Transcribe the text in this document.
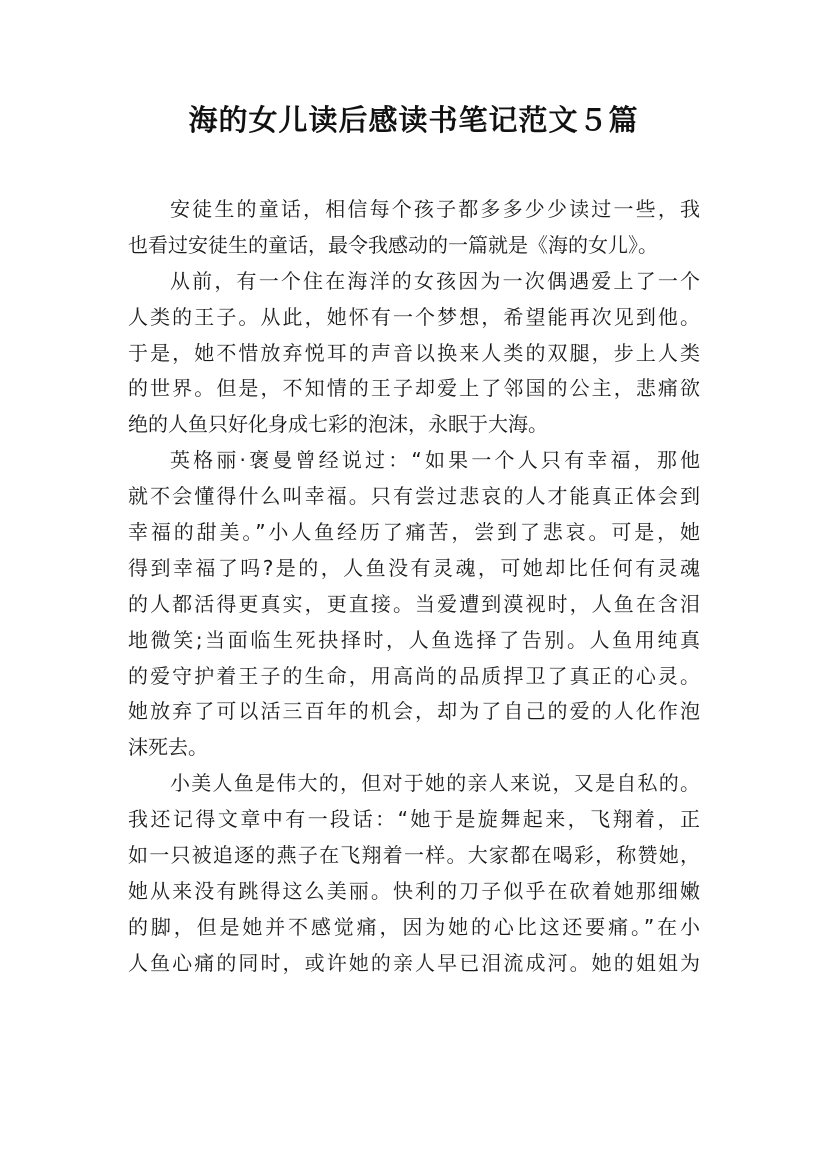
海的女儿读后感读书笔记范文５篇
安徒生的童话，相信每个孩子都多多少少读过一些，我
也看过安徒生的童话，最令我感动的一篇就是《海的女儿》。
从前，有一个住在海洋的女孩因为一次偶遇爱上了一个
人类的王子。从此，她怀有一个梦想，希望能再次见到他。
于是，她不惜放弃悦耳的声音以换来人类的双腿，步上人类
的世界。但是，不知情的王子却爱上了邻国的公主，悲痛欲
绝的人鱼只好化身成七彩的泡沫，永眠于大海。
英格丽·褒曼曾经说过：“如果一个人只有幸福，那他
就不会懂得什么叫幸福。只有尝过悲哀的人才能真正体会到
幸福的甜美。”小人鱼经历了痛苦，尝到了悲哀。可是，她
得到幸福了吗?是的，人鱼没有灵魂，可她却比任何有灵魂
的人都活得更真实，更直接。当爱遭到漠视时，人鱼在含泪
地微笑;当面临生死抉择时，人鱼选择了告别。人鱼用纯真
的爱守护着王子的生命，用高尚的品质捍卫了真正的心灵。
她放弃了可以活三百年的机会，却为了自己的爱的人化作泡
沫死去。
小美人鱼是伟大的，但对于她的亲人来说，又是自私的。
我还记得文章中有一段话：“她于是旋舞起来，飞翔着，正
如一只被追逐的燕子在飞翔着一样。大家都在喝彩，称赞她，
她从来没有跳得这么美丽。快利的刀子似乎在砍着她那细嫩
的脚，但是她并不感觉痛，因为她的心比这还要痛。”在小
人鱼心痛的同时，或许她的亲人早已泪流成河。她的姐姐为
